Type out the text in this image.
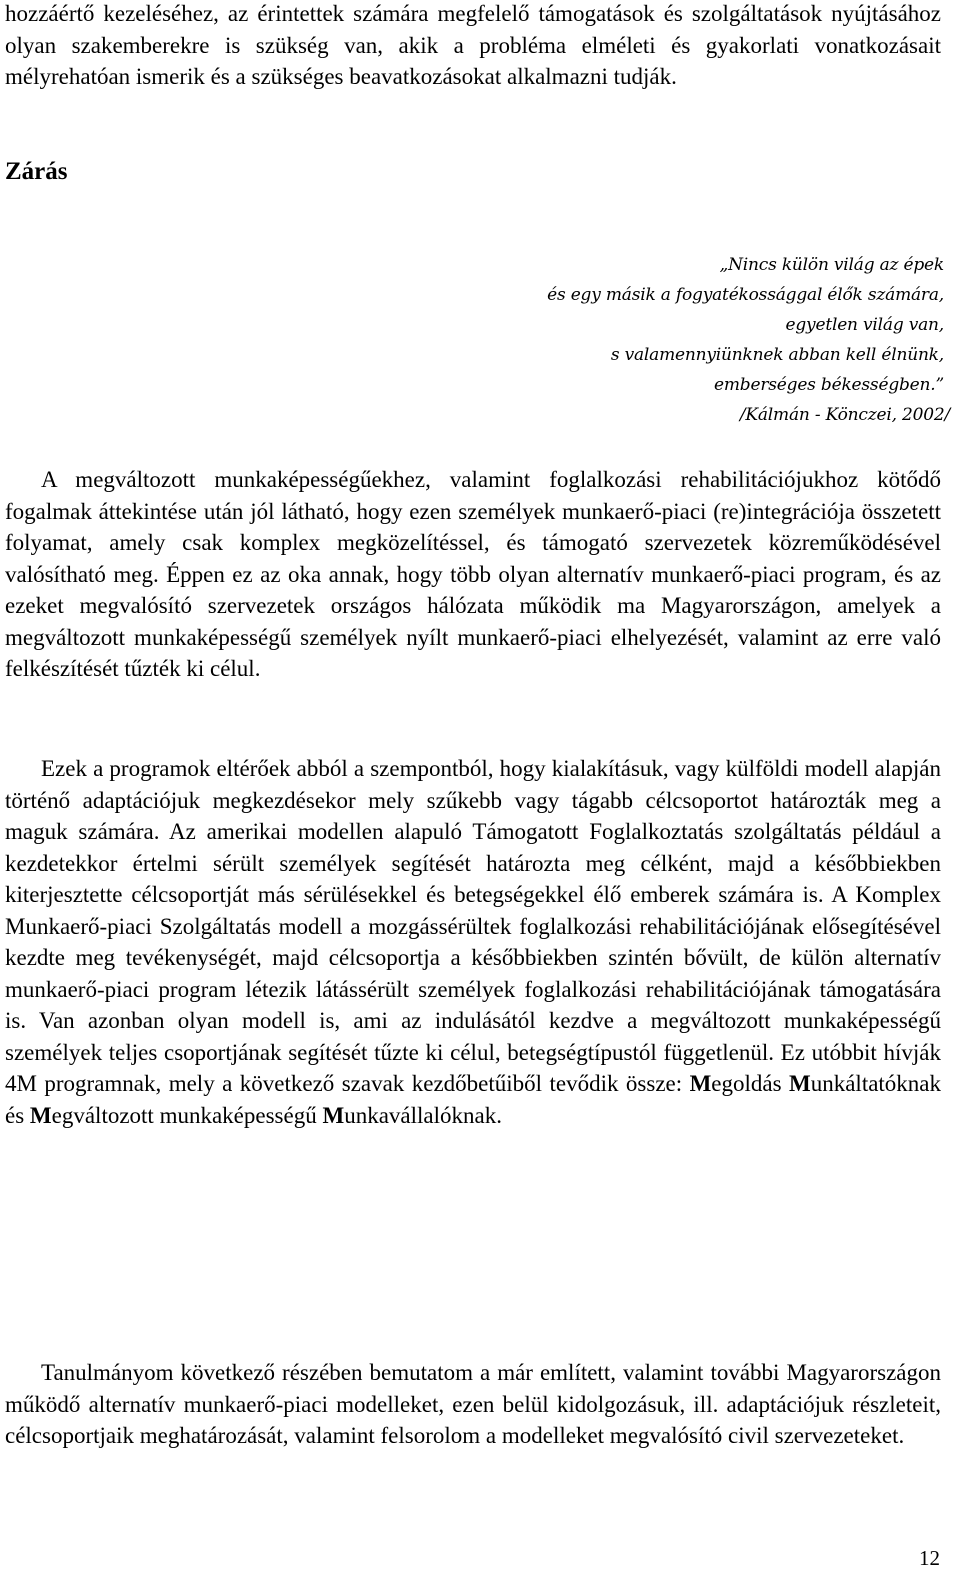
hozzáértő kezeléséhez, az érintettek számára megfelelő támogatások és szolgáltatások nyújtásához olyan szakemberekre is szükség van, akik a probléma elméleti és gyakorlati vonatkozásait mélyrehatóan ismerik és a szükséges beavatkozásokat alkalmazni tudják.

Zárás
„Nincs külön világ az épek
és egy másik a fogyatékossággal élők számára,
egyetlen világ van,
s valamennyiünknek abban kell élnünk,
emberséges békességben.”
/Kálmán - Könczei, 2002/

A megváltozott munkaképességűekhez, valamint foglalkozási rehabilitációjukhoz kötődő fogalmak áttekintése után jól látható, hogy ezen személyek munkaerő-piaci (re)integrációja összetett folyamat, amely csak komplex megközelítéssel, és támogató szervezetek közreműködésével valósítható meg. Éppen ez az oka annak, hogy több olyan alternatív munkaerő-piaci program, és az ezeket megvalósító szervezetek országos hálózata működik ma Magyarországon, amelyek a megváltozott munkaképességű személyek nyílt munkaerő-piaci elhelyezését, valamint az erre való felkészítését tűzték ki célul.

Ezek a programok eltérőek abból a szempontból, hogy kialakításuk, vagy külföldi modell alapján történő adaptációjuk megkezdésekor mely szűkebb vagy tágabb célcsoportot határozták meg a maguk számára. Az amerikai modellen alapuló Támogatott Foglalkoztatás szolgáltatás például a kezdetekkor értelmi sérült személyek segítését határozta meg célként, majd a későbbiekben kiterjesztette célcsoportját más sérülésekkel és betegségekkel élő emberek számára is. A Komplex Munkaerő-piaci Szolgáltatás modell a mozgássérültek foglalkozási rehabilitációjának elősegítésével kezdte meg tevékenységét, majd célcsoportja a későbbiekben szintén bővült, de külön alternatív munkaerő-piaci program létezik látássérült személyek foglalkozási rehabilitációjának támogatására is. Van azonban olyan modell is, ami az indulásától kezdve a megváltozott munkaképességű személyek teljes csoportjának segítését tűzte ki célul, betegségtípustól függetlenül. Ez utóbbit hívják 4M programnak, mely a következő szavak kezdőbetűiből tevődik össze: Megoldás Munkáltatóknak és Megváltozott munkaképességű Munkavállalóknak.

Tanulmányom következő részében bemutatom a már említett, valamint további Magyarországon működő alternatív munkaerő-piaci modelleket, ezen belül kidolgozásuk, ill. adaptációjuk részleteit, célcsoportjaik meghatározását, valamint felsorolom a modelleket megvalósító civil szervezeteket.

12
